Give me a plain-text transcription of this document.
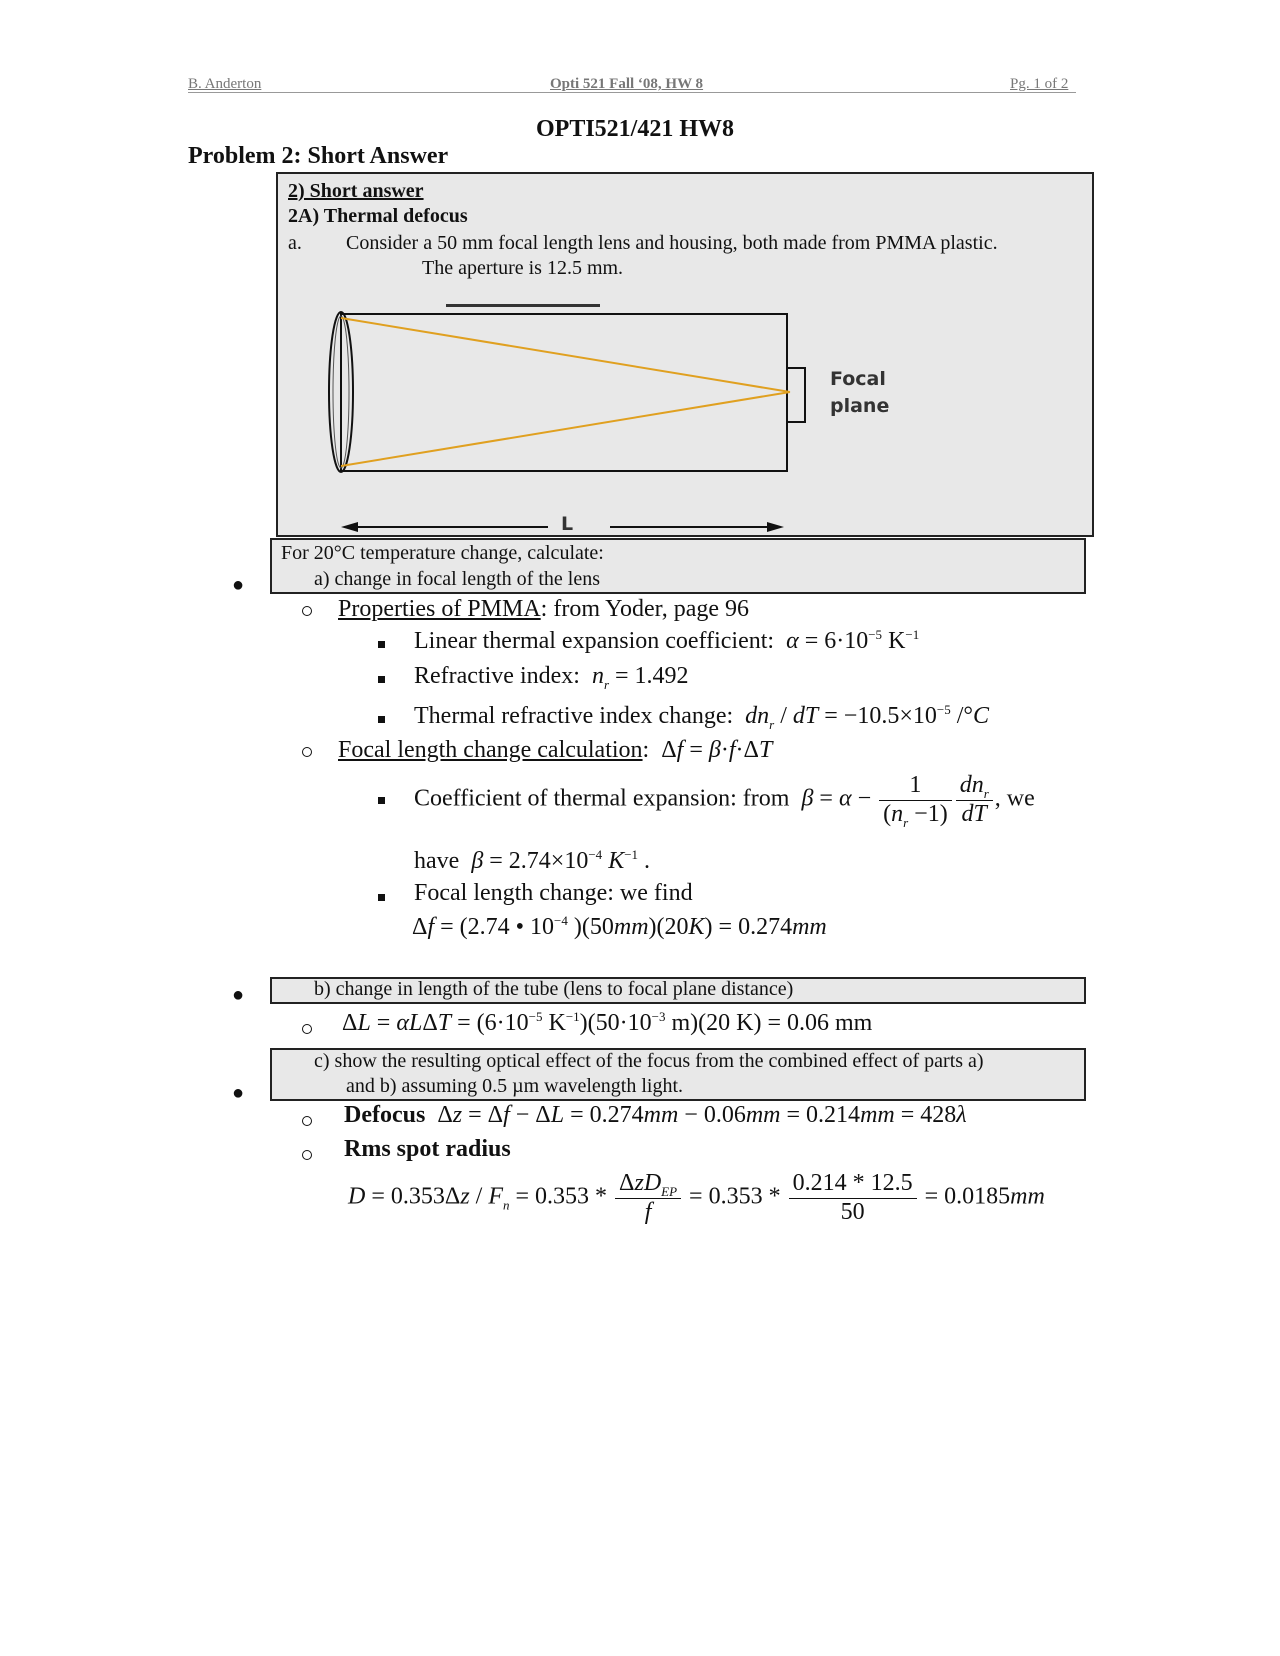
B. Anderton	Opti 521 Fall ‘08, HW 8	Pg. 1 of 2
OPTI521/421 HW8
Problem 2: Short Answer
2) Short answer
2A) Thermal defocus
a. Consider a 50 mm focal length lens and housing, both made from PMMA plastic.
The aperture is 12.5 mm.
Focal
plane
L
For 20°C temperature change, calculate:
a) change in focal length of the lens
●
Properties of PMMA: from Yoder, page 96
Linear thermal expansion coefficient: $\alpha = 6\cdot 10^{-5}$ $K^{-1}$
Refractive index: $n_r = 1.492$
Thermal refractive index change: $dn_r$ / dT = $-10.5\times 10^{-5}$ /°C
Focal length change calculation:  Δf = β·f·ΔT
Coefficient of thermal expansion: from $\beta = \alpha - \frac{1}{(n_r -1)} \frac{dn_r}{dT}$ , we
have $\beta = 2.74\times 10^{-4}$ $K^{-1}$ .
Focal length change: we find
Δf = (2.74 • $10^{-4}$ )(50mm)(20K) = 0.274mm
b) change in length of the tube (lens to focal plane distance)
●
$\Delta L = \alpha L\Delta T = (6\cdot 10^{-5}$ $K^{-1})(50\cdot 10^{-3}$ m)(20 K) = 0.06 mm
c) show the resulting optical effect of the focus from the combined effect of parts a)
and b) assuming 0.5 µm wavelength light.
●
Defocus  Δz = Δf − ΔL = 0.274mm − 0.06mm = 0.214mm = 428λ
Rms spot radius
$D = 0.353\Delta z / F_n = 0.353 * \frac{\Delta zD_{EP}}{f} = 0.353 * \frac{0.214 * 12.5}{50} = 0.0185mm$
